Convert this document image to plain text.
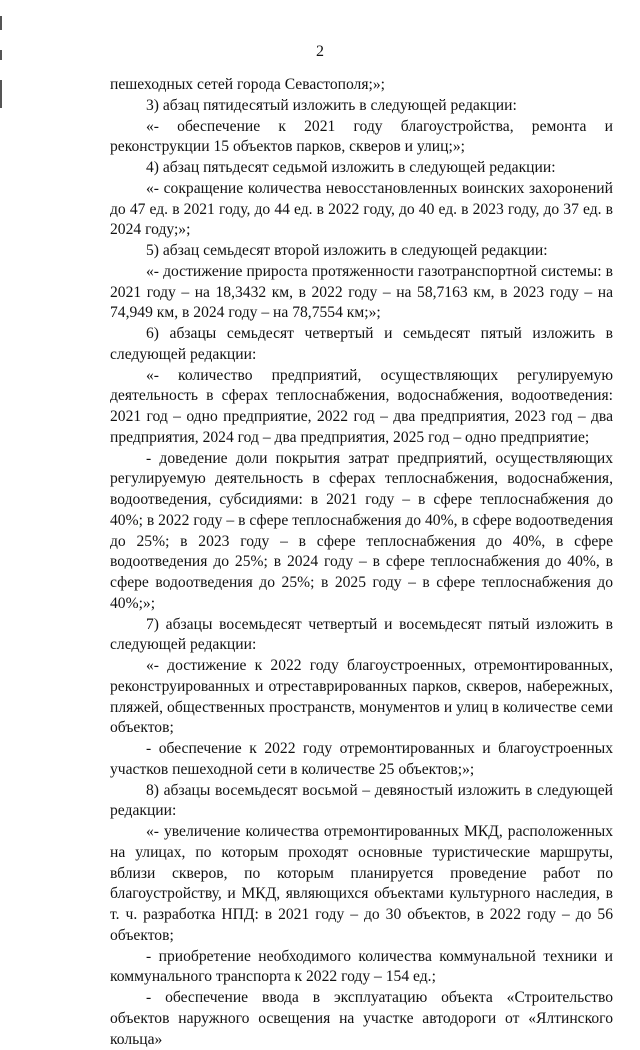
2

пешеходных сетей города Севастополя;»;

3) абзац пятидесятый изложить в следующей редакции:

«- обеспечение к 2021 году благоустройства, ремонта и реконструкции 15 объектов парков, скверов и улиц;»;

4) абзац пятьдесят седьмой изложить в следующей редакции:

«- сокращение количества невосстановленных воинских захоронений до 47 ед. в 2021 году, до 44 ед. в 2022 году, до 40 ед. в 2023 году, до 37 ед. в 2024 году;»;

5) абзац семьдесят второй изложить в следующей редакции:

«- достижение прироста протяженности газотранспортной системы: в 2021 году – на 18,3432 км, в 2022 году – на 58,7163 км, в 2023 году – на 74,949 км, в 2024 году – на 78,7554 км;»;

6) абзацы семьдесят четвертый и семьдесят пятый изложить в следующей редакции:

«- количество предприятий, осуществляющих регулируемую деятельность в сферах теплоснабжения, водоснабжения, водоотведения: 2021 год – одно предприятие, 2022 год – два предприятия, 2023 год – два предприятия, 2024 год – два предприятия, 2025 год – одно предприятие;

- доведение доли покрытия затрат предприятий, осуществляющих регулируемую деятельность в сферах теплоснабжения, водоснабжения, водоотведения, субсидиями: в 2021 году – в сфере теплоснабжения до 40%; в 2022 году – в сфере теплоснабжения до 40%, в сфере водоотведения до 25%; в 2023 году – в сфере теплоснабжения до 40%, в сфере водоотведения до 25%; в 2024 году – в сфере теплоснабжения до 40%, в сфере водоотведения до 25%; в 2025 году – в сфере теплоснабжения до 40%;»;

7) абзацы восемьдесят четвертый и восемьдесят пятый изложить в следующей редакции:

«- достижение к 2022 году благоустроенных, отремонтированных, реконструированных и отреставрированных парков, скверов, набережных, пляжей, общественных пространств, монументов и улиц в количестве семи объектов;

- обеспечение к 2022 году отремонтированных и благоустроенных участков пешеходной сети в количестве 25 объектов;»;

8) абзацы восемьдесят восьмой – девяностый изложить в следующей редакции:

«- увеличение количества отремонтированных МКД, расположенных на улицах, по которым проходят основные туристические маршруты, вблизи скверов, по которым планируется проведение работ по благоустройству, и МКД, являющихся объектами культурного наследия, в т. ч. разработка НПД: в 2021 году – до 30 объектов, в 2022 году – до 56 объектов;

- приобретение необходимого количества коммунальной техники и коммунального транспорта к 2022 году – 154 ед.;

- обеспечение ввода в эксплуатацию объекта «Строительство объектов наружного освещения на участке автодороги от «Ялтинского кольца»
